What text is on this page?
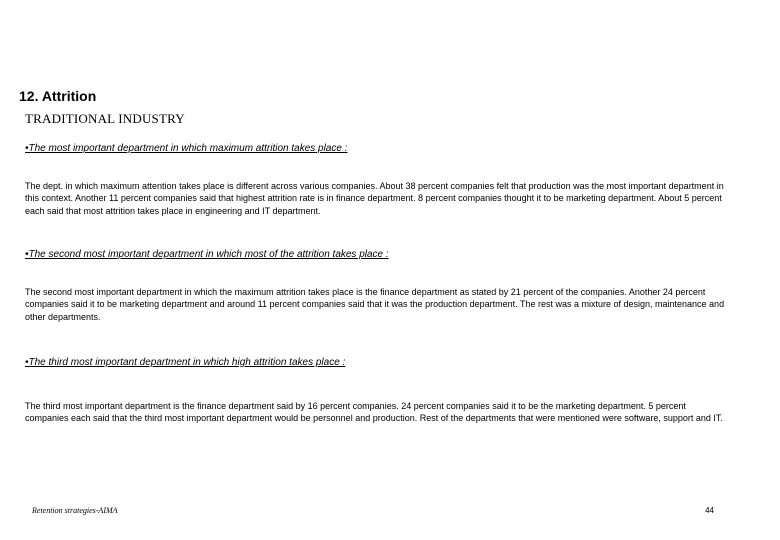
12. Attrition
TRADITIONAL INDUSTRY
•The most important department in which maximum attrition takes place :
The dept. in which maximum attention takes place is different across various companies. About 38 percent companies felt that production was the most important department in this context. Another 11 percent companies said that highest attrition rate is in finance department. 8 percent companies thought it to be marketing department. About 5 percent each said that most attrition takes place in engineering and IT department.
•The second most important department in which most of the attrition takes place :
The second most important department in which the maximum attrition takes place is the finance department as stated by 21 percent of the companies. Another 24 percent companies said it to be marketing department and around 11 percent companies said that it was the production department. The rest was a mixture of design, maintenance and other departments.
•The third most important department in which high attrition takes place :
The third most important department is the finance department said by 16 percent companies. 24 percent companies said it to be the marketing department. 5 percent companies each said that the third most important department would be personnel and production. Rest of the departments that were mentioned were software, support and IT.
Retention strategies-AIMA	44
